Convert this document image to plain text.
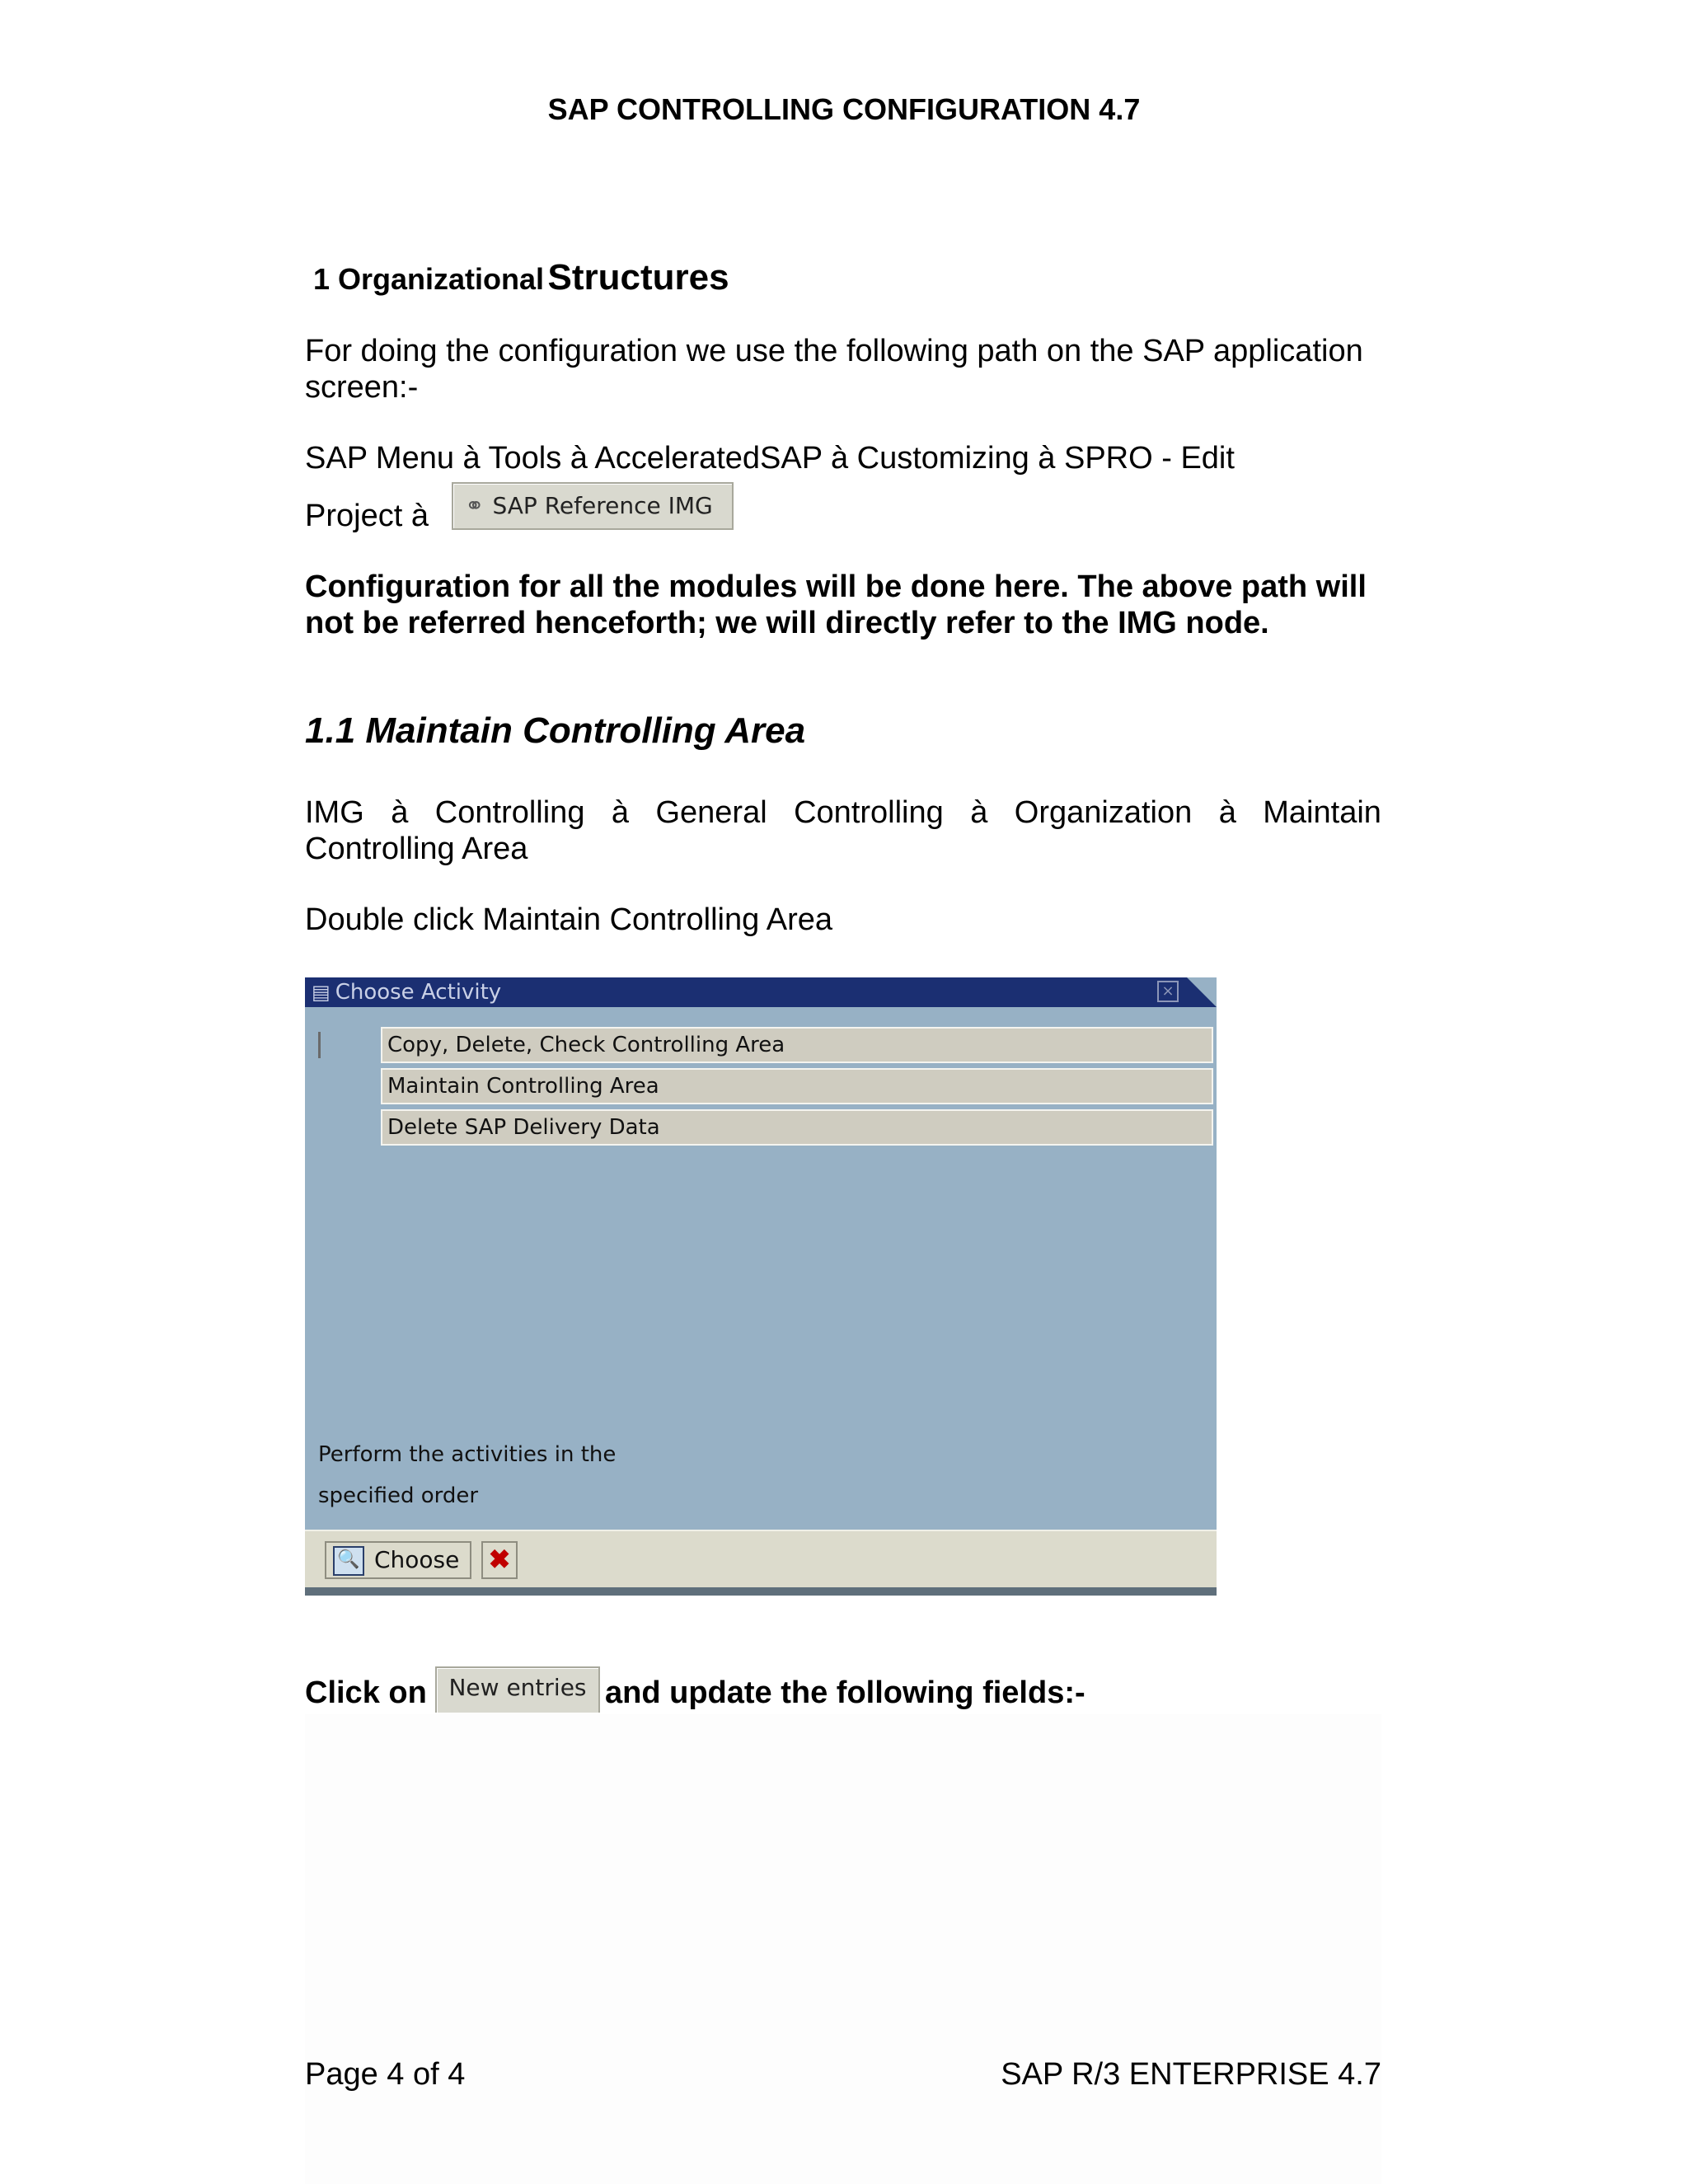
SAP CONTROLLING CONFIGURATION 4.7
1 Organizational Structures
For doing the configuration we use the following path on the SAP application screen:-
SAP Menu à Tools à AcceleratedSAP à Customizing à SPRO - Edit
Project à	⚭ SAP Reference IMG
Configuration for all the modules will be done here. The above path will not be referred henceforth; we will directly refer to the IMG node.
1.1 Maintain Controlling Area
IMG à Controlling à General Controlling à Organization à Maintain
Controlling Area
Double click Maintain Controlling Area
▤ Choose Activity	×
Copy, Delete, Check Controlling Area
Maintain Controlling Area
Delete SAP Delivery Data
Perform the activities in the
specified order
🔍 Choose	✖
Click on New entries and update the following fields:-
Page 4 of 4	SAP R/3 ENTERPRISE 4.7
